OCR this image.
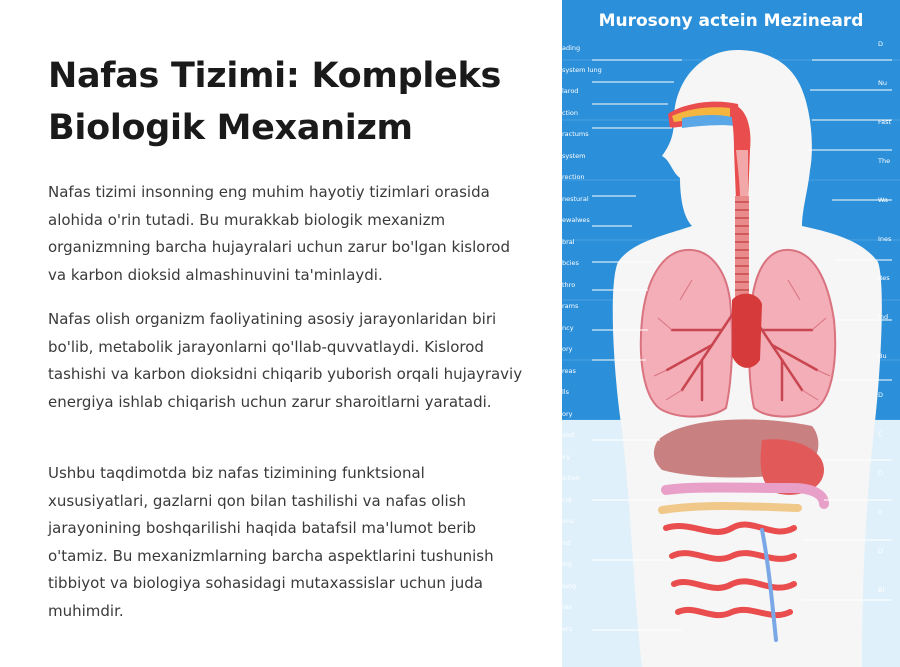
Nafas Tizimi: Kompleks Biologik Mexanizm

Nafas tizimi insonning eng muhim hayotiy tizimlari orasida alohida o'rin tutadi. Bu murakkab biologik mexanizm organizmning barcha hujayralari uchun zarur bo'lgan kislorod va karbon dioksid almashinuvini ta'minlaydi.

Nafas olish organizm faoliyatining asosiy jarayonlaridan biri bo'lib, metabolik jarayonlarni qo'llab-quvvatlaydi. Kislorod tashishi va karbon dioksidni chiqarib yuborish orqali hujayraviy energiya ishlab chiqarish uchun zarur sharoitlarni yaratadi.

Ushbu taqdimotda biz nafas tizimining funktsional xususiyatlari, gazlarni qon bilan tashilishi va nafas olish jarayonining boshqarilishi haqida batafsil ma'lumot berib o'tamiz. Bu mexanizmlarning barcha aspektlarini tushunish tibbiyot va biologiya sohasidagi mutaxassislar uchun juda muhimdir.

Murosony actein Mezineard
ading
system lung
larod
ction
ractums
system
rection
nestural
ewalwes
bral
bcies
thro
rams
ncy
ory
reas
lls
ory
ood
iry
iction
cid
ons
nd
ing
lung
tes
ers
D
Nu
Fast
The
Wa
Ines
Res
Ind
Bu
D
C
D
Ir
D
Bl
